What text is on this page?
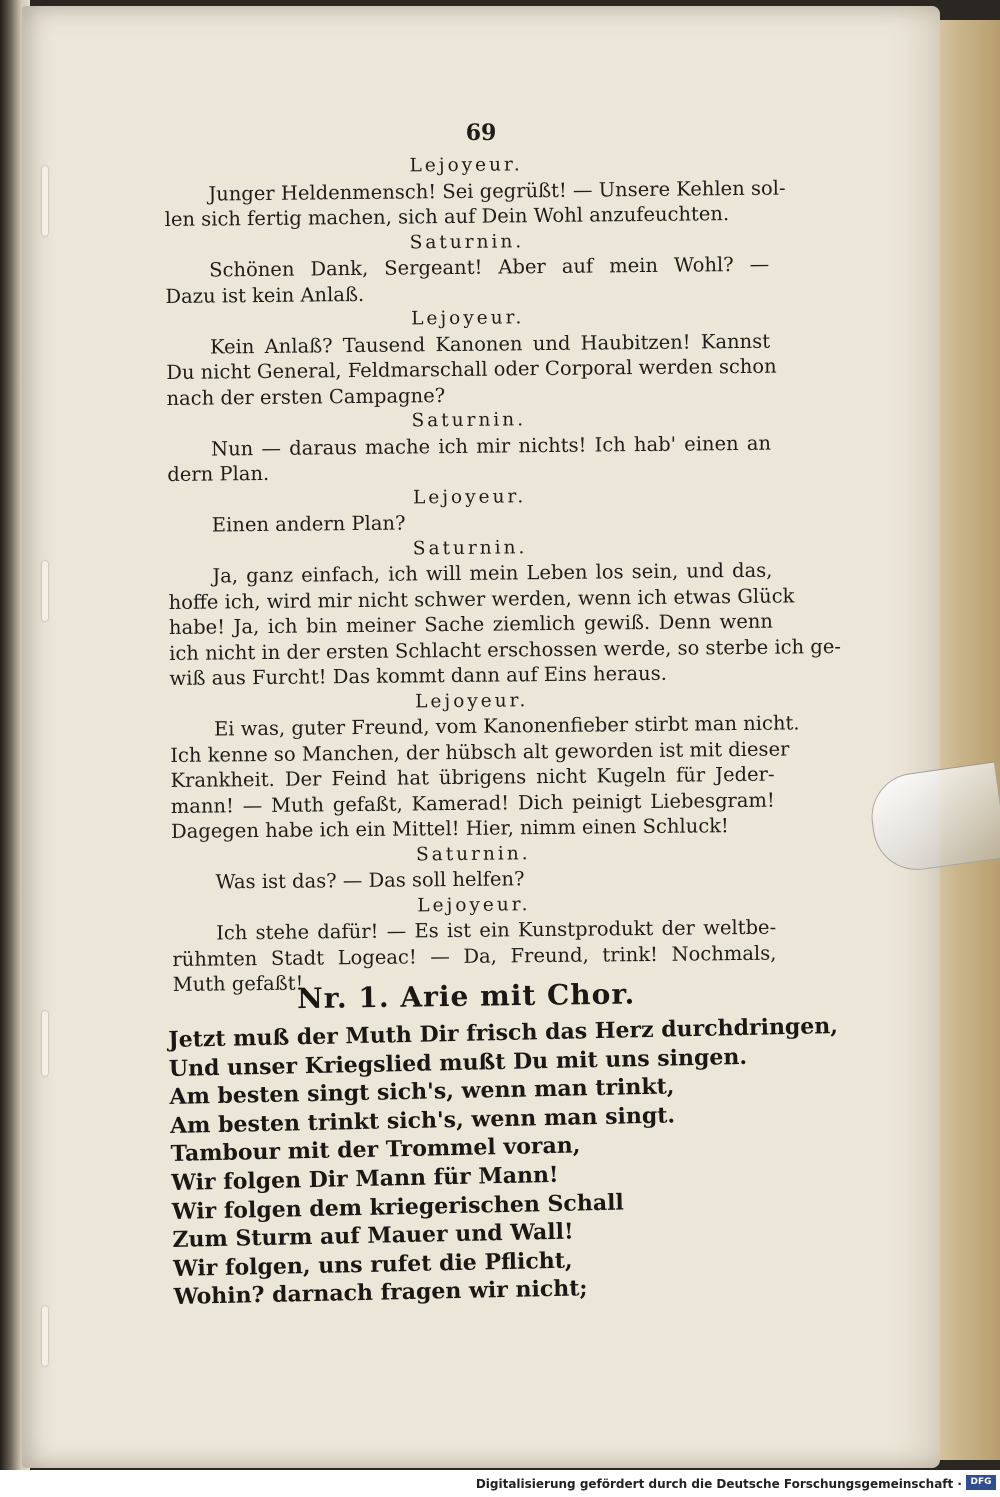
69
Lejoyeur.
Junger Heldenmensch! Sei gegrüßt! — Unsere Kehlen sol-
len sich fertig machen, sich auf Dein Wohl anzufeuchten.
Saturnin.
Schönen Dank, Sergeant! Aber auf mein Wohl? —
Dazu ist kein Anlaß.
Lejoyeur.
Kein Anlaß? Tausend Kanonen und Haubitzen! Kannst
Du nicht General, Feldmarschall oder Corporal werden schon
nach der ersten Campagne?
Saturnin.
Nun — daraus mache ich mir nichts! Ich hab' einen an
dern Plan.
Lejoyeur.
Einen andern Plan?
Saturnin.
Ja, ganz einfach, ich will mein Leben los sein, und das,
hoffe ich, wird mir nicht schwer werden, wenn ich etwas Glück
habe! Ja, ich bin meiner Sache ziemlich gewiß. Denn wenn
ich nicht in der ersten Schlacht erschossen werde, so sterbe ich ge-
wiß aus Furcht! Das kommt dann auf Eins heraus.
Lejoyeur.
Ei was, guter Freund, vom Kanonenfieber stirbt man nicht.
Ich kenne so Manchen, der hübsch alt geworden ist mit dieser
Krankheit. Der Feind hat übrigens nicht Kugeln für Jeder-
mann! — Muth gefaßt, Kamerad! Dich peinigt Liebesgram!
Dagegen habe ich ein Mittel! Hier, nimm einen Schluck!
Saturnin.
Was ist das? — Das soll helfen?
Lejoyeur.
Ich stehe dafür! — Es ist ein Kunstprodukt der weltbe-
rühmten Stadt Logeac! — Da, Freund, trink! Nochmals,
Muth gefaßt!
Nr. 1. Arie mit Chor.
Jetzt muß der Muth Dir frisch das Herz durchdringen,
Und unser Kriegslied mußt Du mit uns singen.
Am besten singt sich's, wenn man trinkt,
Am besten trinkt sich's, wenn man singt.
Tambour mit der Trommel voran,
Wir folgen Dir Mann für Mann!
Wir folgen dem kriegerischen Schall
Zum Sturm auf Mauer und Wall!
Wir folgen, uns rufet die Pflicht,
Wohin? darnach fragen wir nicht;
Digitalisierung gefördert durch die Deutsche Forschungsgemeinschaft · DFG
